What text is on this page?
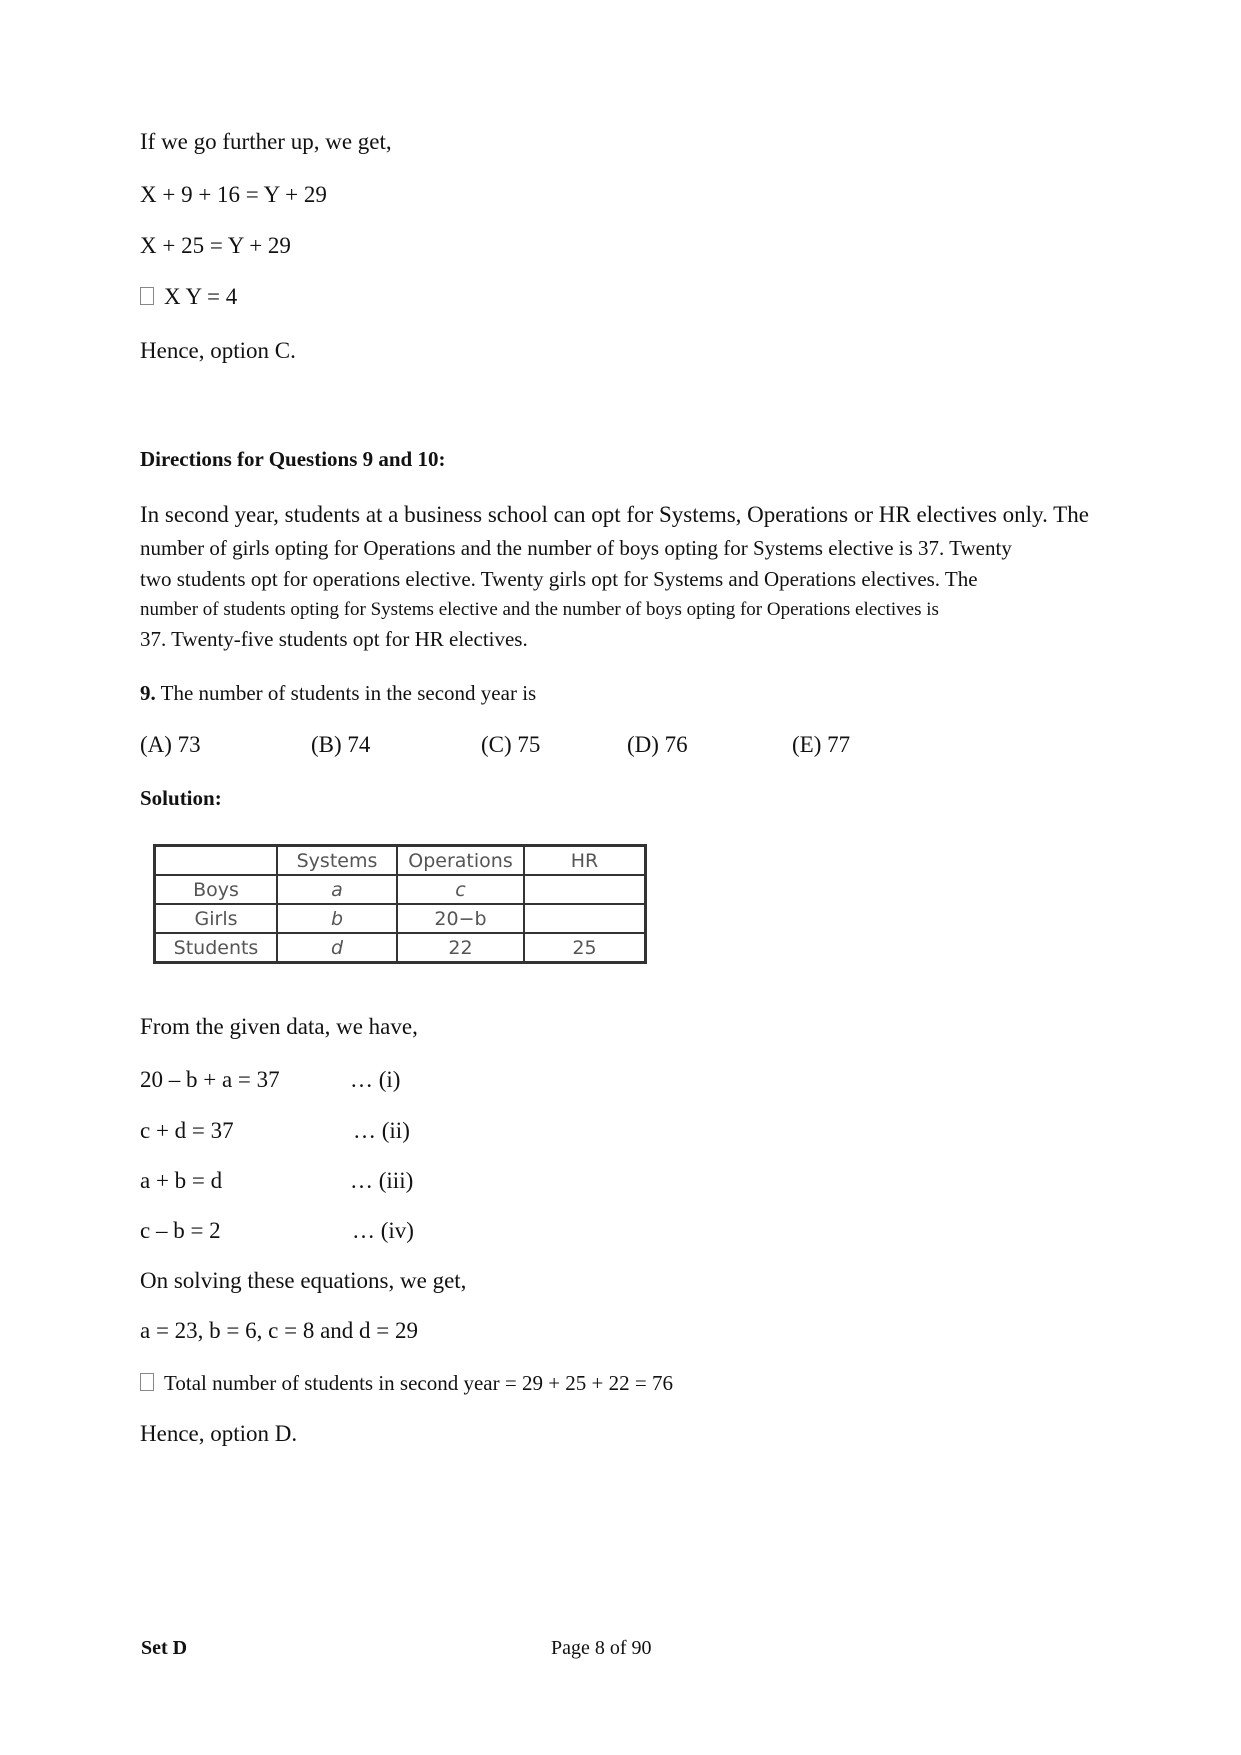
If we go further up, we get,
X + 9 + 16 = Y + 29
X + 25 = Y + 29
X Y = 4
Hence, option C.
Directions for Questions 9 and 10:
In second year, students at a business school can opt for Systems, Operations or HR electives only. The
number of girls opting for Operations and the number of boys opting for Systems elective is 37. Twenty
two students opt for operations elective. Twenty girls opt for Systems and Operations electives. The
number of students opting for Systems elective and the number of boys opting for Operations electives is
37. Twenty-five students opt for HR electives.
9. The number of students in the second year is
(A) 73	(B) 74	(C) 75	(D) 76	(E) 77
Solution:
	Systems	Operations	HR
Boys	a	c	
Girls	b	20−b	
Students	d	22	25
From the given data, we have,
20 – b + a = 37	… (i)
c + d = 37	… (ii)
a + b = d	… (iii)
c – b = 2	… (iv)
On solving these equations, we get,
a = 23, b = 6, c = 8 and d = 29
Total number of students in second year = 29 + 25 + 22 = 76
Hence, option D.
Set D	Page 8 of 90
